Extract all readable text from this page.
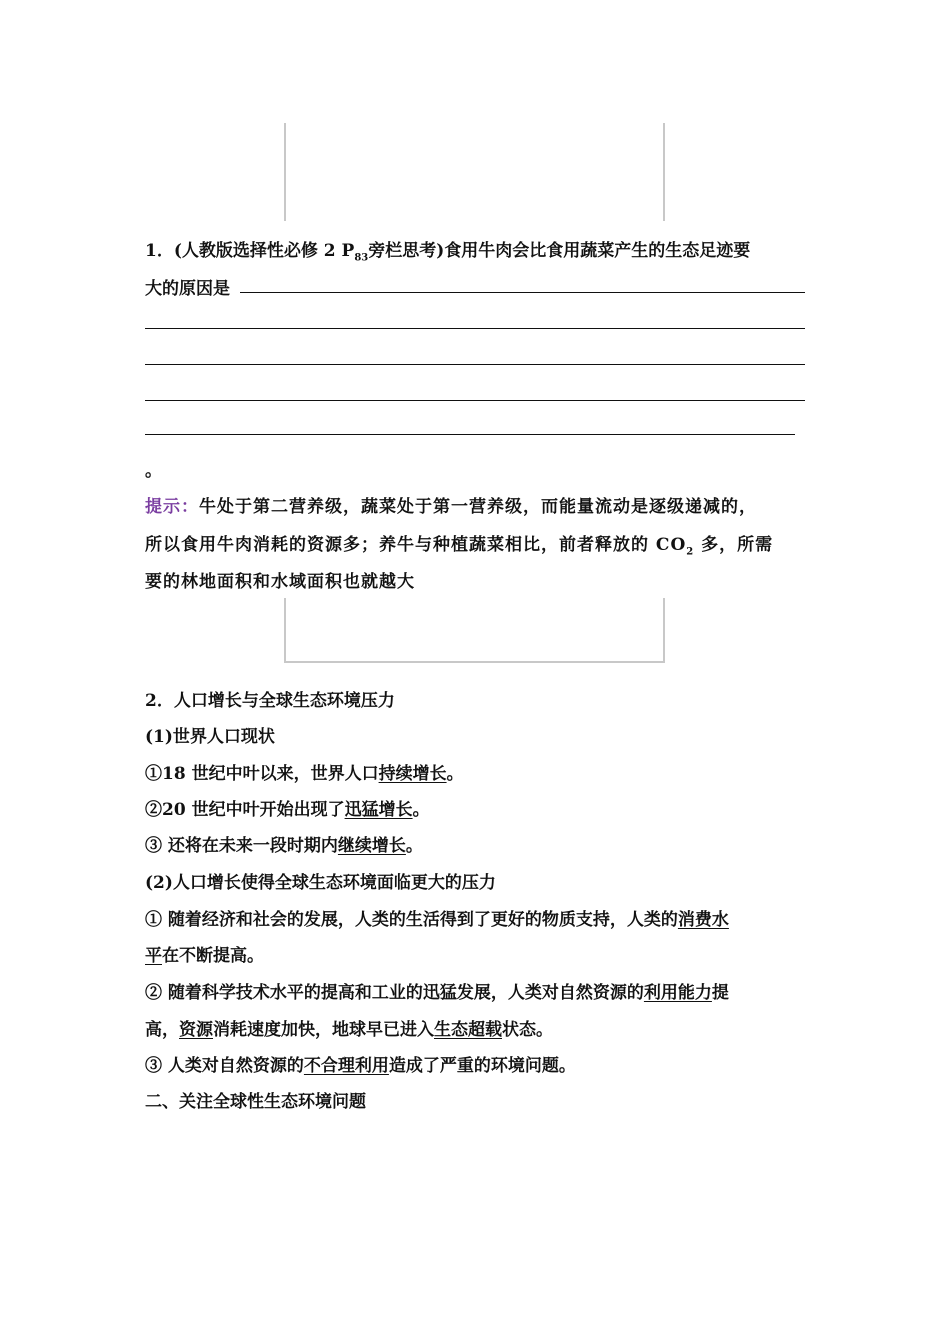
1．(人教版选择性必修 2 $P_{83}$旁栏思考)食用牛肉会比食用蔬菜产生的生态足迹要
大的原因是
。
提示：牛处于第二营养级，蔬菜处于第一营养级，而能量流动是逐级递减的，
所以食用牛肉消耗的资源多；养牛与种植蔬菜相比，前者释放的 $CO_2$ 多，所需
要的林地面积和水域面积也就越大
2．人口增长与全球生态环境压力
(1)世界人口现状
①18 世纪中叶以来，世界人口持续增长。
②20 世纪中叶开始出现了迅猛增长。
③ 还将在未来一段时期内继续增长。
(2)人口增长使得全球生态环境面临更大的压力
① 随着经济和社会的发展，人类的生活得到了更好的物质支持，人类的消费水
平在不断提高。
② 随着科学技术水平的提高和工业的迅猛发展，人类对自然资源的利用能力提
高，资源消耗速度加快，地球早已进入生态超载状态。
③ 人类对自然资源的不合理利用造成了严重的环境问题。
二、关注全球性生态环境问题
